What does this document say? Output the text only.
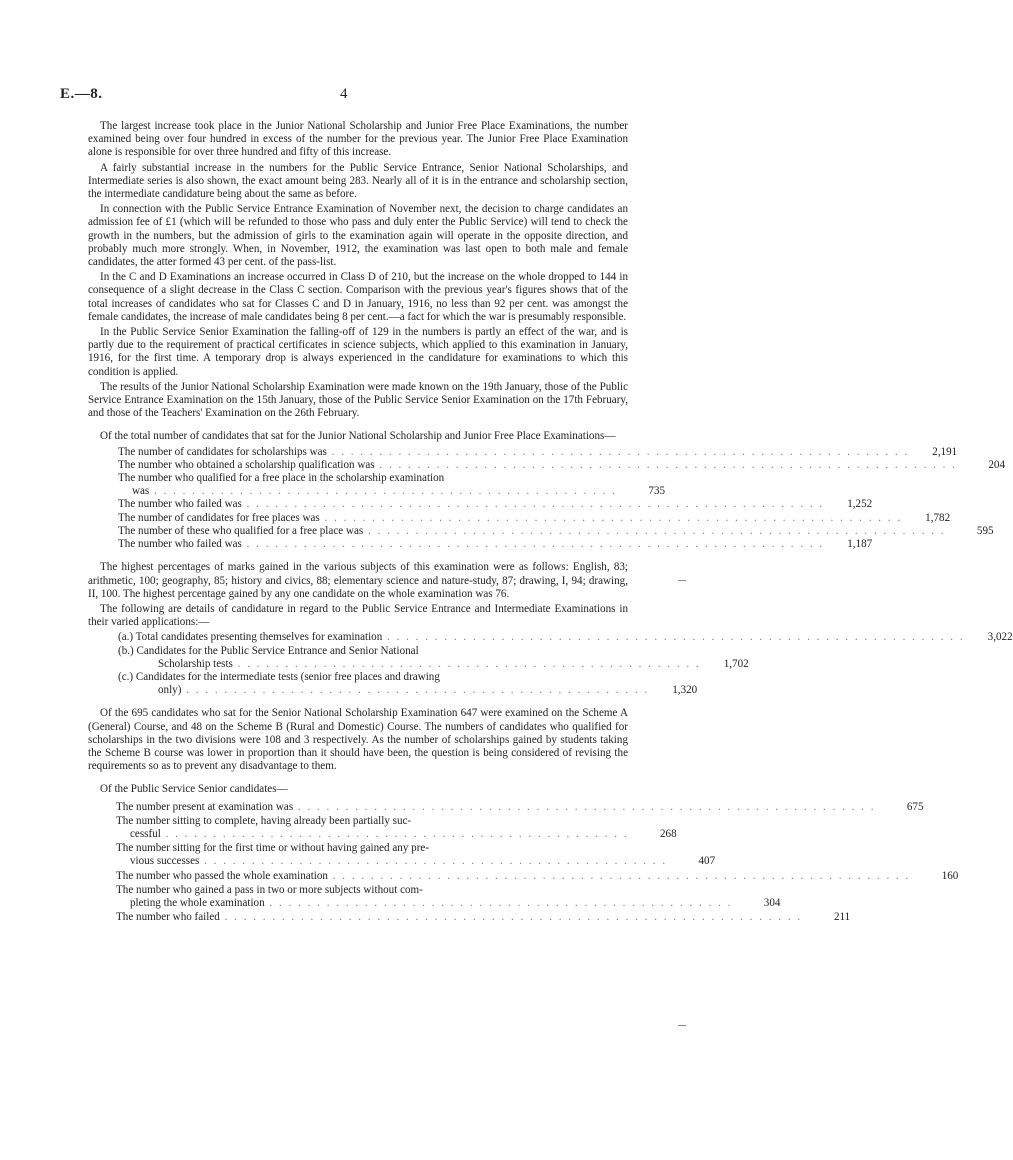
E.—8.	4

The largest increase took place in the Junior National Scholarship and Junior Free Place Examinations, the number examined being over four hundred in excess of the number for the previous year. The Junior Free Place Examination alone is responsible for over three hundred and fifty of this increase.

A fairly substantial increase in the numbers for the Public Service Entrance, Senior National Scholarships, and Intermediate series is also shown, the exact amount being 283. Nearly all of it is in the entrance and scholarship section, the intermediate candidature being about the same as before.

In connection with the Public Service Entrance Examination of November next, the decision to charge candidates an admission fee of £1 (which will be refunded to those who pass and duly enter the Public Service) will tend to check the growth in the numbers, but the admission of girls to the examination again will operate in the opposite direction, and probably much more strongly. When, in November, 1912, the examination was last open to both male and female candidates, the atter formed 43 per cent. of the pass-list.

In the C and D Examinations an increase occurred in Class D of 210, but the increase on the whole dropped to 144 in consequence of a slight decrease in the Class C section. Comparison with the previous year's figures shows that of the total increases of candidates who sat for Classes C and D in January, 1916, no less than 92 per cent. was amongst the female candidates, the increase of male candidates being 8 per cent.—a fact for which the war is presumably responsible.

In the Public Service Senior Examination the falling-off of 129 in the numbers is partly an effect of the war, and is partly due to the requirement of practical certificates in science subjects, which applied to this examination in January, 1916, for the first time. A temporary drop is always experienced in the candidature for examinations to which this condition is applied.

The results of the Junior National Scholarship Examination were made known on the 19th January, those of the Public Service Entrance Examination on the 15th January, those of the Public Service Senior Examination on the 17th February, and those of the Teachers' Examination on the 26th February.

Of the total number of candidates that sat for the Junior National Scholarship and Junior Free Place Examinations—

The number of candidates for scholarships was . . .	2,191
The number who obtained a scholarship qualification was . . .	204
The number who qualified for a free place in the scholarship examination
was . . .	735
The number who failed was . . .	1,252
The number of candidates for free places was . . .	1,782
The number of these who qualified for a free place was . . .	595
The number who failed was . . .	1,187

The highest percentages of marks gained in the various subjects of this examination were as follows: English, 83; arithmetic, 100; geography, 85; history and civics, 88; elementary science and nature-study, 87; drawing, I, 94; drawing, II, 100. The highest percentage gained by any one candidate on the whole examination was 76.

The following are details of candidature in regard to the Public Service Entrance and Intermediate Examinations in their varied applications:—

(a.) Total candidates presenting themselves for examination . . .	3,022
(b.) Candidates for the Public Service Entrance and Senior National
Scholarship tests . . .	1,702
(c.) Candidates for the intermediate tests (senior free places and drawing
only) . . .	1,320

Of the 695 candidates who sat for the Senior National Scholarship Examination 647 were examined on the Scheme A (General) Course, and 48 on the Scheme B (Rural and Domestic) Course. The numbers of candidates who qualified for scholarships in the two divisions were 108 and 3 respectively. As the number of scholarships gained by students taking the Scheme B course was lower in proportion than it should have been, the question is being considered of revising the requirements so as to prevent any disadvantage to them.

Of the Public Service Senior candidates—

The number present at examination was . . .	675
The number sitting to complete, having already been partially suc-
cessful . . .	268
The number sitting for the first time or without having gained any pre-
vious successes . . .	407
The number who passed the whole examination . . .	160
The number who gained a pass in two or more subjects without com-
pleting the whole examination . . .	304
The number who failed . . .	211
